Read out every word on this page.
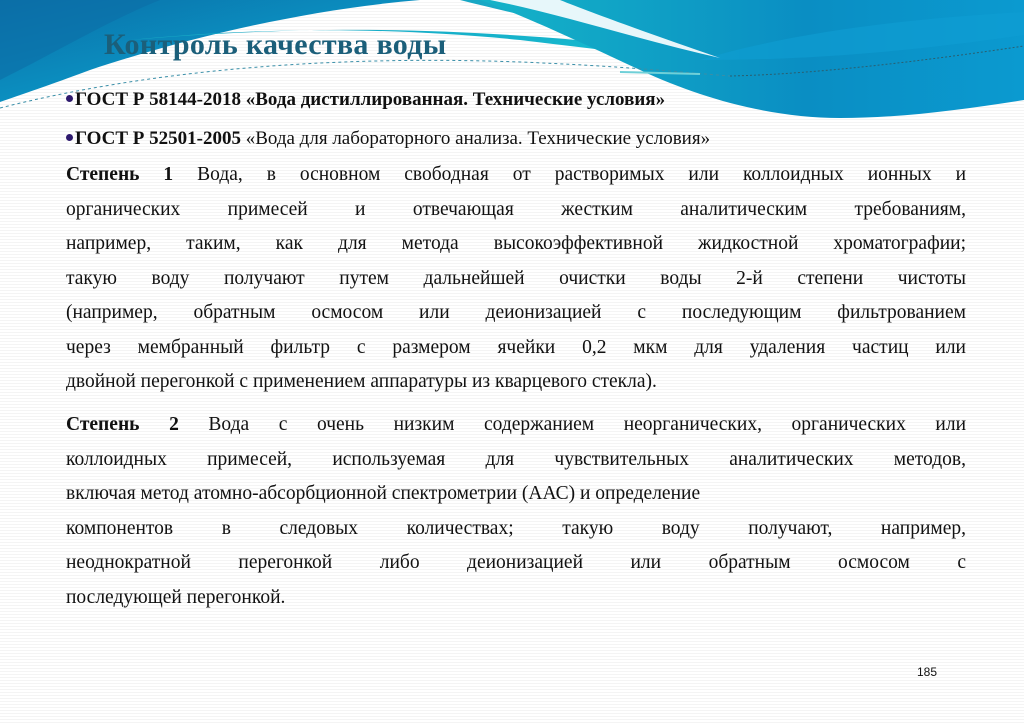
Контроль качества воды
ГОСТ Р 58144-2018 «Вода дистиллированная. Технические условия»
ГОСТ Р 52501-2005 «Вода для лабораторного анализа. Технические условия»
Степень 1 Вода, в основном свободная от растворимых или коллоидных ионных и
органических примесей и отвечающая жестким аналитическим требованиям,
например, таким, как для метода высокоэффективной жидкостной хроматографии;
такую воду получают путем дальнейшей очистки воды 2-й степени чистоты
(например, обратным осмосом или деионизацией с последующим фильтрованием
через мембранный фильтр с размером ячейки 0,2 мкм для удаления частиц или
двойной перегонкой с применением аппаратуры из кварцевого стекла).
Степень 2 Вода с очень низким содержанием неорганических, органических или
коллоидных примесей, используемая для чувствительных аналитических методов,
включая метод атомно-абсорбционной спектрометрии (ААС) и определение
компонентов в следовых количествах; такую воду получают, например,
неоднократной перегонкой либо деионизацией или обратным осмосом с
последующей перегонкой.
185
